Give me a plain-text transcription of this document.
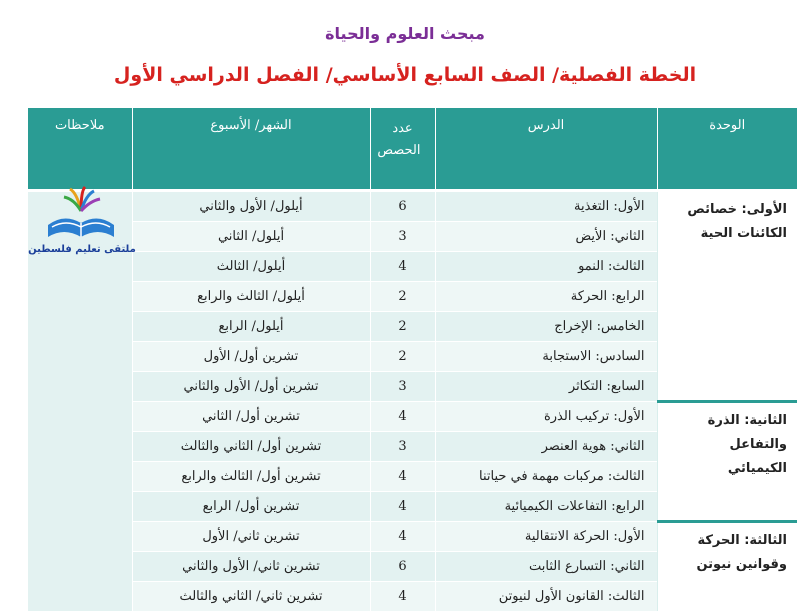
مبحث العلوم والحياة
الخطة الفصلية/ الصف السابع الأساسي/ الفصل الدراسي الأول
الوحدة	الدرس	عدد الحصص	الشهر/ الأسبوع	ملاحظات
الأولى: خصائص الكائنات الحية	الأول: التغذية	6	أيلول/ الأول والثاني	
	الثاني: الأيض	3	أيلول/ الثاني	
	الثالث: النمو	4	أيلول/ الثالث	
	الرابع: الحركة	2	أيلول/ الثالث والرابع	
	الخامس: الإخراج	2	أيلول/ الرابع	
	السادس: الاستجابة	2	تشرين أول/ الأول	
	السابع: التكاثر	3	تشرين أول/ الأول والثاني	
الثانية: الذرة والتفاعل الكيميائي	الأول: تركيب الذرة	4	تشرين أول/ الثاني	
	الثاني: هوية العنصر	3	تشرين أول/ الثاني والثالث	
	الثالث: مركبات مهمة في حياتنا	4	تشرين أول/ الثالث والرابع	
	الرابع: التفاعلات الكيميائية	4	تشرين أول/ الرابع	
الثالثة: الحركة وقوانين نيوتن	الأول: الحركة الانتقالية	4	تشرين ثاني/ الأول	
	الثاني: التسارع الثابت	6	تشرين ثاني/ الأول والثاني	
	الثالث: القانون الأول لنيوتن	4	تشرين ثاني/ الثاني والثالث	
ملتقى تعليم فلسطين
